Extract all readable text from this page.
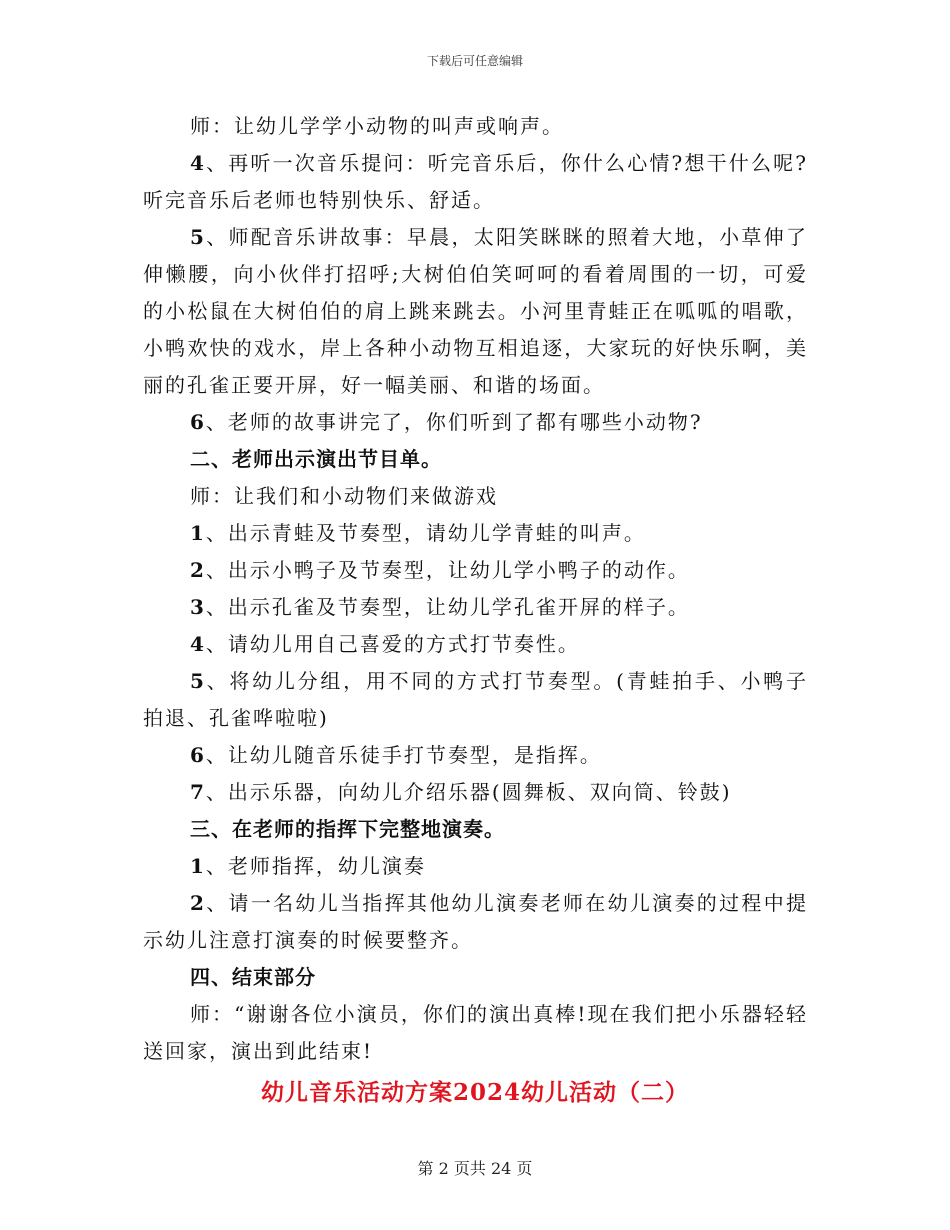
下载后可任意编辑

师：让幼儿学学小动物的叫声或响声。

4、再听一次音乐提问：听完音乐后，你什么心情?想干什么呢?听完音乐后老师也特别快乐、舒适。

5、师配音乐讲故事：早晨，太阳笑眯眯的照着大地，小草伸了伸懒腰，向小伙伴打招呼;大树伯伯笑呵呵的看着周围的一切，可爱的小松鼠在大树伯伯的肩上跳来跳去。小河里青蛙正在呱呱的唱歌，小鸭欢快的戏水，岸上各种小动物互相追逐，大家玩的好快乐啊，美丽的孔雀正要开屏，好一幅美丽、和谐的场面。

6、老师的故事讲完了，你们听到了都有哪些小动物?

二、老师出示演出节目单。

师：让我们和小动物们来做游戏

1、出示青蛙及节奏型，请幼儿学青蛙的叫声。

2、出示小鸭子及节奏型，让幼儿学小鸭子的动作。

3、出示孔雀及节奏型，让幼儿学孔雀开屏的样子。

4、请幼儿用自己喜爱的方式打节奏性。

5、将幼儿分组，用不同的方式打节奏型。(青蛙拍手、小鸭子拍退、孔雀哗啦啦)

6、让幼儿随音乐徒手打节奏型，是指挥。

7、出示乐器，向幼儿介绍乐器(圆舞板、双向筒、铃鼓)

三、在老师的指挥下完整地演奏。

1、老师指挥，幼儿演奏

2、请一名幼儿当指挥其他幼儿演奏老师在幼儿演奏的过程中提示幼儿注意打演奏的时候要整齐。

四、结束部分

师：“谢谢各位小演员，你们的演出真棒!现在我们把小乐器轻轻送回家，演出到此结束!

幼儿音乐活动方案2024幼儿活动（二）
第 2 页共 24 页
